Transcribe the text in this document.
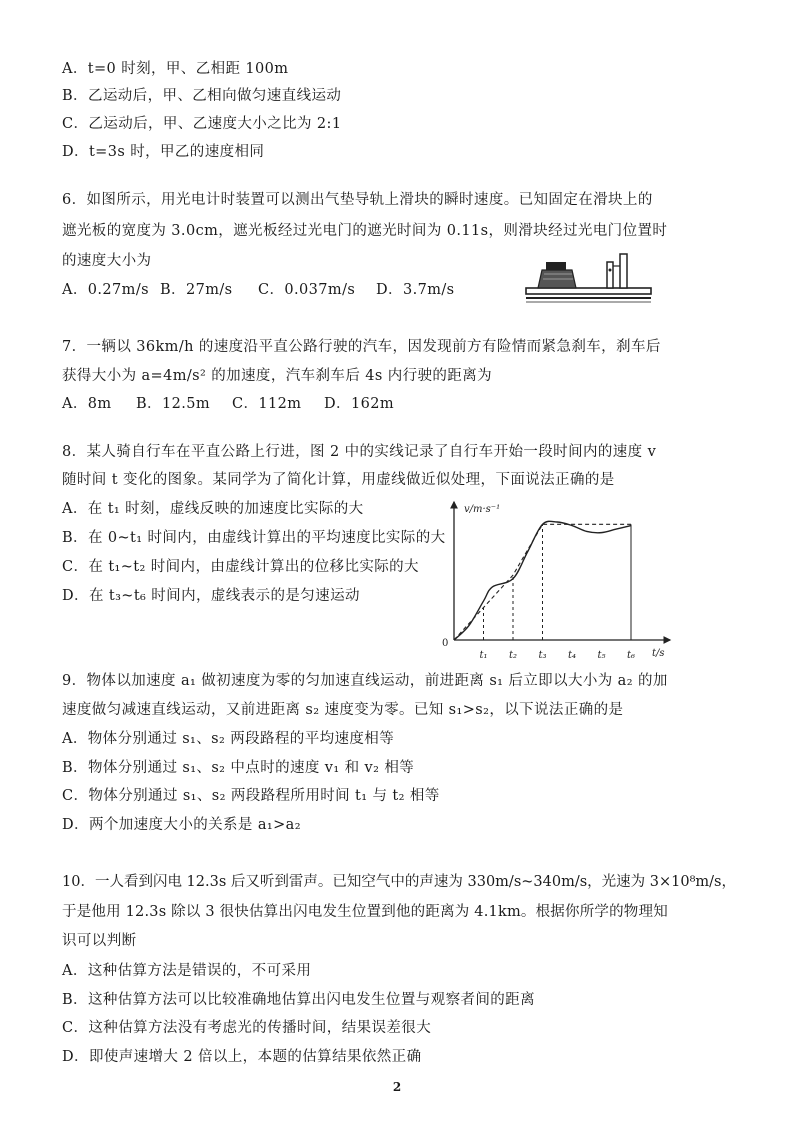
A．t=0 时刻，甲、乙相距 100m
B．乙运动后，甲、乙相向做匀速直线运动
C．乙运动后，甲、乙速度大小之比为 2:1
D．t=3s 时，甲乙的速度相同
6．如图所示，用光电计时装置可以测出气垫导轨上滑块的瞬时速度。已知固定在滑块上的
遮光板的宽度为 3.0cm，遮光板经过光电门的遮光时间为 0.11s，则滑块经过光电门位置时
的速度大小为
A．0.27m/s B．27m/s C．0.037m/s D．3.7m/s
7．一辆以 36km/h 的速度沿平直公路行驶的汽车，因发现前方有险情而紧急刹车，刹车后
获得大小为 a=4m/s² 的加速度，汽车刹车后 4s 内行驶的距离为
A．8m B．12.5m C．112m D．162m
8．某人骑自行车在平直公路上行进，图 2 中的实线记录了自行车开始一段时间内的速度 v
随时间 t 变化的图象。某同学为了简化计算，用虚线做近似处理，下面说法正确的是
A．在 t₁ 时刻，虚线反映的加速度比实际的大
B．在 0~t₁ 时间内，由虚线计算出的平均速度比实际的大
C．在 t₁~t₂ 时间内，由虚线计算出的位移比实际的大
D．在 t₃~t₆ 时间内，虚线表示的是匀速运动
v/m·s⁻¹
t/s
0
t₁ t₂ t₃ t₄ t₅ t₆
9．物体以加速度 a₁ 做初速度为零的匀加速直线运动，前进距离 s₁ 后立即以大小为 a₂ 的加
速度做匀减速直线运动，又前进距离 s₂ 速度变为零。已知 s₁>s₂，以下说法正确的是
A．物体分别通过 s₁、s₂ 两段路程的平均速度相等
B．物体分别通过 s₁、s₂ 中点时的速度 v₁ 和 v₂ 相等
C．物体分别通过 s₁、s₂ 两段路程所用时间 t₁ 与 t₂ 相等
D．两个加速度大小的关系是 a₁>a₂
10．一人看到闪电 12.3s 后又听到雷声。已知空气中的声速为 330m/s~340m/s，光速为 3×10⁸m/s，
于是他用 12.3s 除以 3 很快估算出闪电发生位置到他的距离为 4.1km。根据你所学的物理知
识可以判断
A．这种估算方法是错误的，不可采用
B．这种估算方法可以比较准确地估算出闪电发生位置与观察者间的距离
C．这种估算方法没有考虑光的传播时间，结果误差很大
D．即使声速增大 2 倍以上，本题的估算结果依然正确
2
